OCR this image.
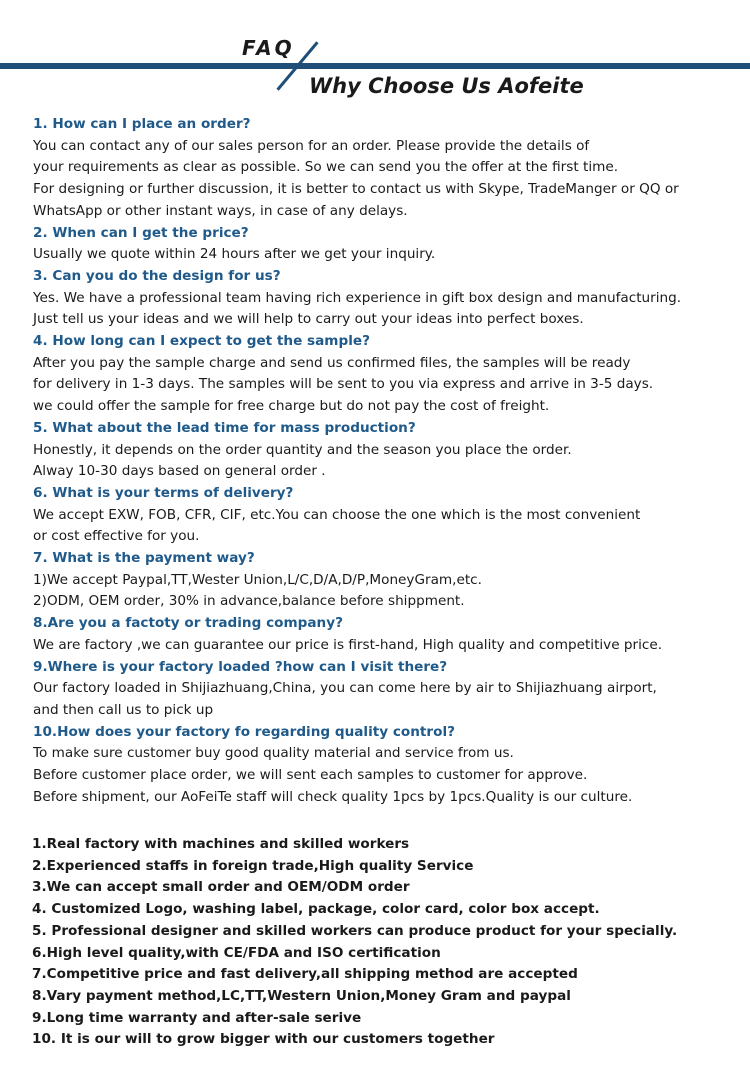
FAQ
Why Choose Us Aofeite
1. How can I place an order?
You can contact any of our sales person for an order. Please provide the details of
your requirements as clear as possible. So we can send you the offer at the first time.
For designing or further discussion, it is better to contact us with Skype, TradeManger or QQ or
WhatsApp or other instant ways, in case of any delays.
2. When can I get the price?
Usually we quote within 24 hours after we get your inquiry.
3. Can you do the design for us?
Yes. We have a professional team having rich experience in gift box design and manufacturing.
Just tell us your ideas and we will help to carry out your ideas into perfect boxes.
4. How long can I expect to get the sample?
After you pay the sample charge and send us confirmed files, the samples will be ready
for delivery in 1-3 days. The samples will be sent to you via express and arrive in 3-5 days.
we could offer the sample for free charge but do not pay the cost of freight.
5. What about the lead time for mass production?
Honestly, it depends on the order quantity and the season you place the order.
Alway 10-30 days based on general order .
6. What is your terms of delivery?
We accept EXW, FOB, CFR, CIF, etc.You can choose the one which is the most convenient
or cost effective for you.
7. What is the payment way?
1)We accept Paypal,TT,Wester Union,L/C,D/A,D/P,MoneyGram,etc.
2)ODM, OEM order, 30% in advance,balance before shippment.
8.Are you a factoty or trading company?
We are factory ,we can guarantee our price is first-hand, High quality and competitive price.
9.Where is your factory loaded ?how can I visit there?
Our factory loaded in Shijiazhuang,China, you can come here by air to Shijiazhuang airport,
and then call us to pick up
10.How does your factory fo regarding quality control?
To make sure customer buy good quality material and service from us.
Before customer place order, we will sent each samples to customer for approve.
Before shipment, our AoFeiTe staff will check quality 1pcs by 1pcs.Quality is our culture.
1.Real factory with machines and skilled workers
2.Experienced staffs in foreign trade,High quality Service
3.We can accept small order and OEM/ODM order
4. Customized Logo, washing label, package, color card, color box accept.
5. Professional designer and skilled workers can produce product for your specially.
6.High level quality,with CE/FDA and ISO certification
7.Competitive price and fast delivery,all shipping method are accepted
8.Vary payment method,LC,TT,Western Union,Money Gram and paypal
9.Long time warranty and after-sale serive
10. It is our will to grow bigger with our customers together
